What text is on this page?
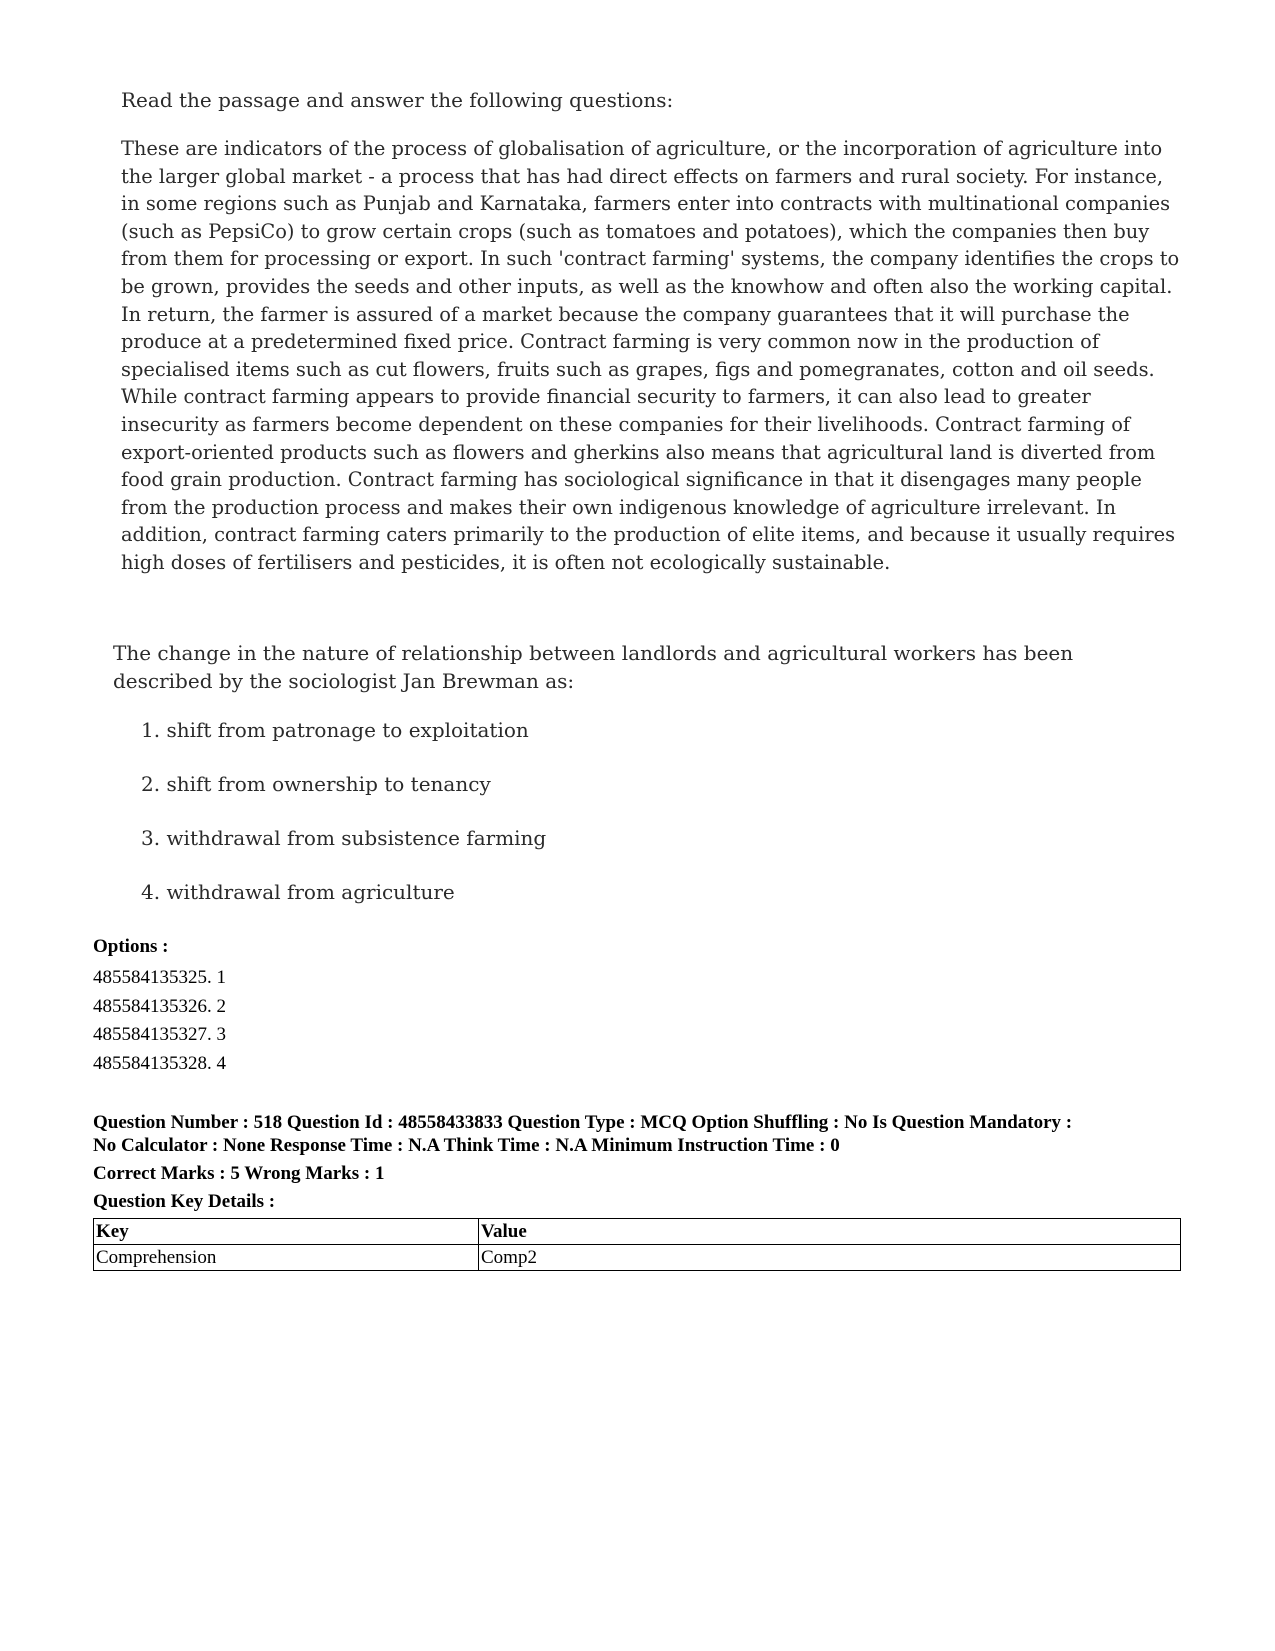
Read the passage and answer the following questions:

These are indicators of the process of globalisation of agriculture, or the incorporation of agriculture into the larger global market - a process that has had direct effects on farmers and rural society. For instance, in some regions such as Punjab and Karnataka, farmers enter into contracts with multinational companies (such as PepsiCo) to grow certain crops (such as tomatoes and potatoes), which the companies then buy from them for processing or export. In such 'contract farming' systems, the company identifies the crops to be grown, provides the seeds and other inputs, as well as the knowhow and often also the working capital. In return, the farmer is assured of a market because the company guarantees that it will purchase the produce at a predetermined fixed price. Contract farming is very common now in the production of specialised items such as cut flowers, fruits such as grapes, figs and pomegranates, cotton and oil seeds. While contract farming appears to provide financial security to farmers, it can also lead to greater insecurity as farmers become dependent on these companies for their livelihoods. Contract farming of export-oriented products such as flowers and gherkins also means that agricultural land is diverted from food grain production. Contract farming has sociological significance in that it disengages many people from the production process and makes their own indigenous knowledge of agriculture irrelevant. In addition, contract farming caters primarily to the production of elite items, and because it usually requires high doses of fertilisers and pesticides, it is often not ecologically sustainable.

The change in the nature of relationship between landlords and agricultural workers has been described by the sociologist Jan Brewman as:

1. shift from patronage to exploitation
2. shift from ownership to tenancy
3. withdrawal from subsistence farming
4. withdrawal from agriculture
Options :
485584135325. 1
485584135326. 2
485584135327. 3
485584135328. 4

Question Number : 518 Question Id : 48558433833 Question Type : MCQ Option Shuffling : No Is Question Mandatory :
No Calculator : None Response Time : N.A Think Time : N.A Minimum Instruction Time : 0

Correct Marks : 5 Wrong Marks : 1
Question Key Details :
Key	Value
Comprehension	Comp2
